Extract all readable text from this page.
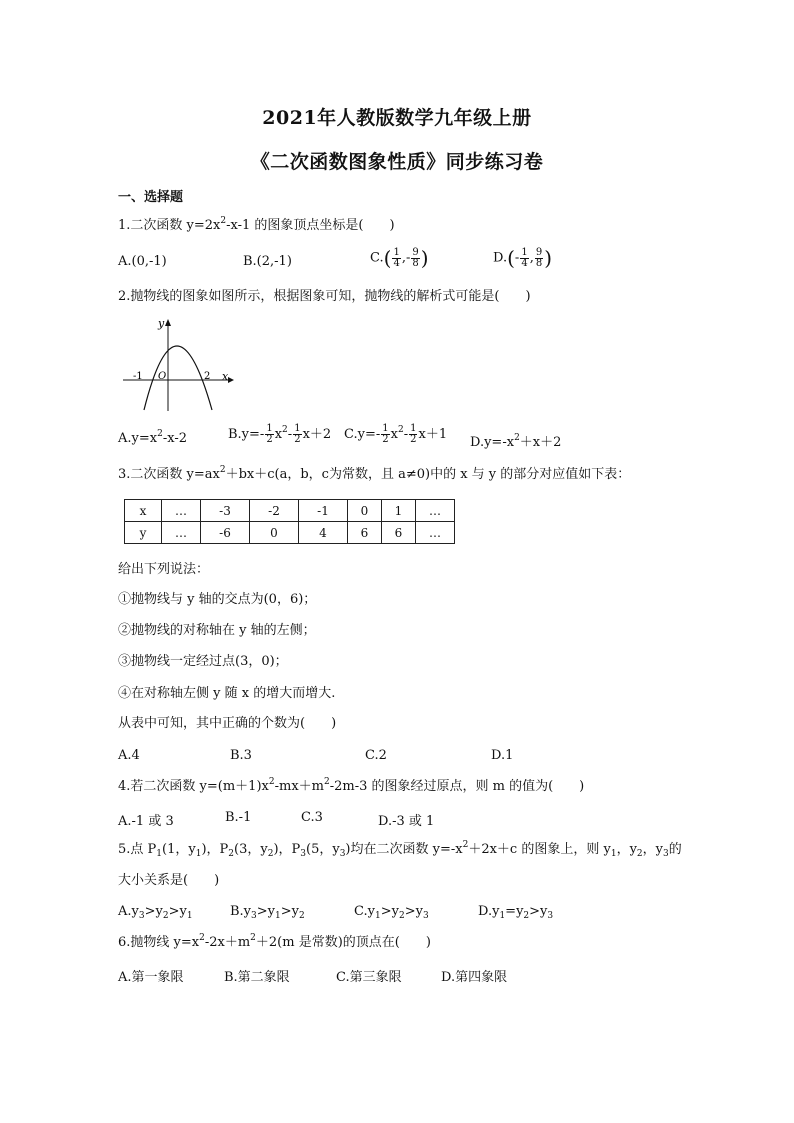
2021年人教版数学九年级上册
《二次函数图象性质》同步练习卷
一、选择题
1.二次函数 $y=2x^2-x-1$ 的图象顶点坐标是(　　)
A.(0,-1)	B.(2,-1)	$C.( \frac{1}{4}$ ,- $\frac{9}{8}$ )	$D.(- \frac{1}{4}$ , $\frac{9}{8}$ )
2.抛物线的图象如图所示，根据图象可知，抛物线的解析式可能是(　　)
y
x
O
-1	2
$A.y=x^2-x-2$	$B.y=- \frac{1}{2} x^2- \frac{1}{2} x+2$ $C.y=- \frac{1}{2} x^2- \frac{1}{2} x+1$
$D.y=-x^2+x+2$
3.二次函数 $y=ax^2+bx+c(a$，b，c为常数，且 a≠0)中的 x 与 y 的部分对应值如下表：
x	…	-3	-2	-1	0	1	…
y	…	-6	0	4	6	6	…
给出下列说法：
①抛物线与 y 轴的交点为(0，6)；
②抛物线的对称轴在 y 轴的左侧；
③抛物线一定经过点(3，0)；
④在对称轴左侧 y 随 x 的增大而增大.
从表中可知，其中正确的个数为(　　)
A.4	B.3	C.2	D.1
4.若二次函数 $y=(m+1)x^2-mx+m^2-2m-3$ 的图象经过原点，则 m 的值为(　　)
A.-1 或 3	B.-1	C.3	D.-3 或 1
5.点 $P_1(1$，$y_1$)，$P_2(3$，$y_2$)，$P_3(5$，$y_3$)均在二次函数 $y=-x^2+2x+c$ 的图象上，则 $y_1$，$y_2$，$y_3$的
大小关系是(　　)
$A.y_3>y_2>y_1$	$B.y_3>y_1>y_2$	$C.y_1>y_2>y_3$	$D.y_1=y_2>y_3$
6.抛物线 $y=x^2-2x+m^2+2(m$ 是常数)的顶点在(　　)
A.第一象限	B.第二象限	C.第三象限	D.第四象限
